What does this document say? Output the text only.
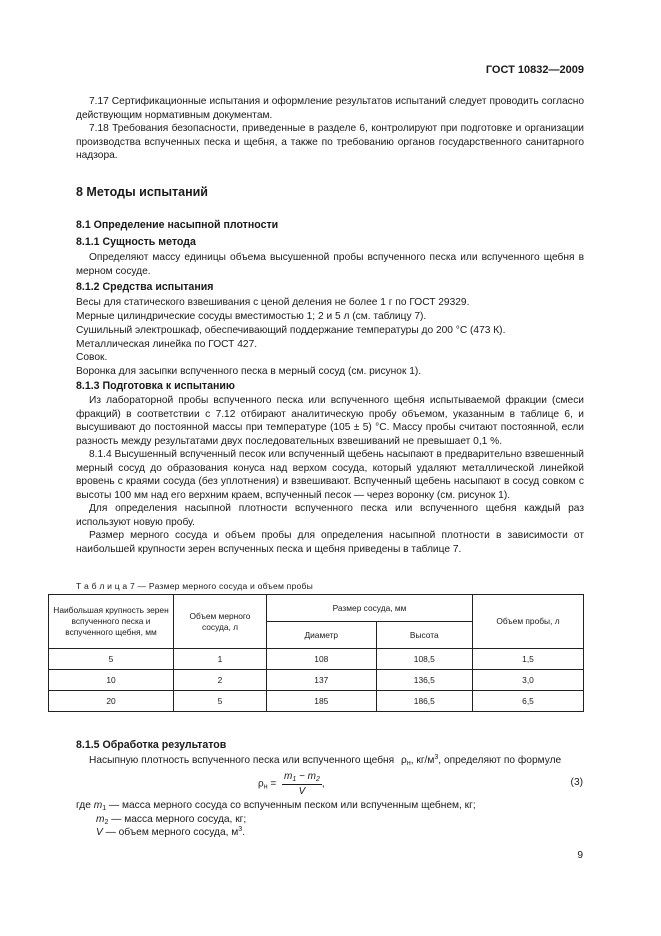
ГОСТ 10832—2009
7.17 Сертификационные испытания и оформление результатов испытаний следует проводить согласно действующим нормативным документам.
7.18 Требования безопасности, приведенные в разделе 6, контролируют при подготовке и организации производства вспученных песка и щебня, а также по требованию органов государственного санитарного надзора.
8 Методы испытаний
8.1 Определение насыпной плотности
8.1.1 Сущность метода
Определяют массу единицы объема высушенной пробы вспученного песка или вспученного щебня в мерном сосуде.
8.1.2 Средства испытания
Весы для статического взвешивания с ценой деления не более 1 г по ГОСТ 29329.
Мерные цилиндрические сосуды вместимостью 1; 2 и 5 л (см. таблицу 7).
Сушильный электрошкаф, обеспечивающий поддержание температуры до 200 °С (473 К).
Металлическая линейка по ГОСТ 427.
Совок.
Воронка для засыпки вспученного песка в мерный сосуд (см. рисунок 1).
8.1.3 Подготовка к испытанию
Из лабораторной пробы вспученного песка или вспученного щебня испытываемой фракции (смеси фракций) в соответствии с 7.12 отбирают аналитическую пробу объемом, указанным в таблице 6, и высушивают до постоянной массы при температуре (105 ± 5) °С. Массу пробы считают постоянной, если разность между результатами двух последовательных взвешиваний не превышает 0,1 %.
8.1.4 Высушенный вспученный песок или вспученный щебень насыпают в предварительно взвешенный мерный сосуд до образования конуса над верхом сосуда, который удаляют металлической линейкой вровень с краями сосуда (без уплотнения) и взвешивают. Вспученный щебень насыпают в сосуд совком с высоты 100 мм над его верхним краем, вспученный песок — через воронку (см. рисунок 1).
Для определения насыпной плотности вспученного песка или вспученного щебня каждый раз используют новую пробу.
Размер мерного сосуда и объем пробы для определения насыпной плотности в зависимости от наибольшей крупности зерен вспученных песка и щебня приведены в таблице 7.
Т а б л и ц а 7 — Размер мерного сосуда и объем пробы
Наибольшая крупность зерен вспученного песка и вспученного щебня, мм	Объем мерного сосуда, л	Размер сосуда, мм		Объем пробы, л
		Диаметр	Высота	
5	1	108	108,5	1,5
10	2	137	136,5	3,0
20	5	185	186,5	6,5
8.1.5 Обработка результатов
Насыпную плотность вспученного песка или вспученного щебня $\rho_н$, $кг/м^3$, определяют по формуле
$\rho_н = \frac{m_1 - m_2}{V}$ ,	(3)
где $m_1$ — масса мерного сосуда со вспученным песком или вспученным щебнем, кг;
$m_2$ — масса мерного сосуда, кг;
V — объем мерного сосуда, $м^3$.
9
